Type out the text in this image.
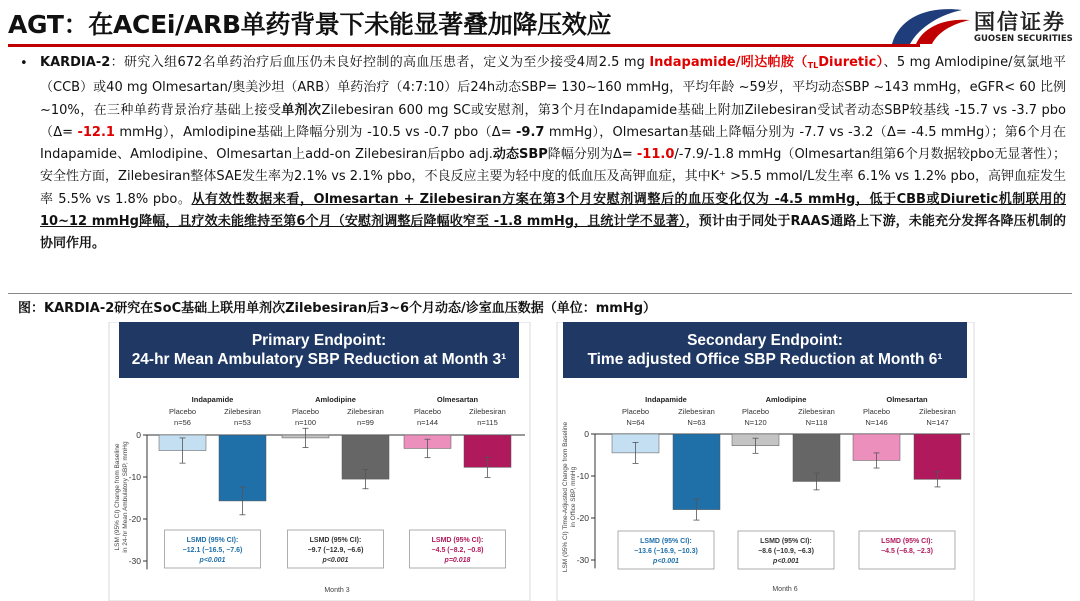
AGT：在ACEi/ARB单药背景下未能显著叠加降压效应	国信证券
GUOSEN SECURITIES
• KARDIA-2：研究入组672名单药治疗后血压仍未良好控制的高血压患者，定义为至少接受4周2.5 mg Indapamide/吲达帕胺$(_{TL}Diuretic)$、5 mg Amlodipine/氨氯地平（CCB）或40 mg Olmesartan/奥美沙坦（ARB）单药治疗（4:7:10）后24h动态SBP= 130~160 mmHg，平均年龄 ~59岁，平均动态SBP ~143 mmHg，eGFR< 60 比例 ~10%，在三种单药背景治疗基础上接受单剂次Zilebesiran 600 mg SC或安慰剂，第3个月在Indapamide基础上附加Zilebesiran受试者动态SBP较基线 -15.7 vs -3.7 pbo（Δ= -12.1 mmHg），Amlodipine基础上降幅分别为 -10.5 vs -0.7 pbo（Δ= -9.7 mmHg），Olmesartan基础上降幅分别为 -7.7 vs -3.2（Δ= -4.5 mmHg）；第6个月在Indapamide、Amlodipine、Olmesartan上add-on Zilebesiran后pbo adj.动态SBP降幅分别为Δ= -11.0/-7.9/-1.8 mmHg（Olmesartan组第6个月数据较pbo无显著性）；安全性方面，Zilebesiran整体SAE发生率为2.1% vs 2.1% pbo，不良反应主要为轻中度的低血压及高钾血症，其中K⁺ >5.5 mmol/L发生率 6.1% vs 1.2% pbo，高钾血症发生率 5.5% vs 1.8% pbo。从有效性数据来看，Olmesartan + Zilebesiran方案在第3个月安慰剂调整后的血压变化仅为 -4.5 mmHg，低于CBB或Diuretic机制联用的 10~12 mmHg降幅，且疗效未能维持至第6个月（安慰剂调整后降幅收窄至 -1.8 mmHg，且统计学不显著），预计由于同处于RAAS通路上下游，未能充分发挥各降压机制的协同作用。
图：KARDIA-2研究在SoC基础上联用单剂次Zilebesiran后3~6个月动态/诊室血压数据（单位：mmHg）
0
-10
-20
-30
LSM (95% CI) Change from Baseline in 24-hr Mean Ambulatory SBP, mmHg
Month 3
Indapamide
Placebo
n=56
Zilebesiran
n=53
LSMD (95% CI):
−12.1 (−16.5, −7.6)
p<0.001
Amlodipine
Placebo
n=100
Zilebesiran
n=99
LSMD (95% CI):
−9.7 (−12.9, −6.6)
p<0.001
Olmesartan
Placebo
n=144
Zilebesiran
n=115
LSMD (95% CI):
−4.5 (−8.2, −0.8)
p=0.018
Primary Endpoint:
24-hr Mean Ambulatory SBP Reduction at Month 3¹
0
-10
-20
-30
LSM (95% CI) Time-Adjusted Change from Baseline in Office SBP, mmHg
Month 6
Indapamide
Placebo
N=64
Zilebesiran
N=63
LSMD (95% CI):
−13.6 (−16.9, −10.3)
p<0.001
Amlodipine
Placebo
N=120
Zilebesiran
N=118
LSMD (95% CI):
−8.6 (−10.9, −6.3)
p<0.001
Olmesartan
Placebo
N=146
Zilebesiran
N=147
LSMD (95% CI):
−4.5 (−6.8, −2.3)
Secondary Endpoint:
Time adjusted Office SBP Reduction at Month 6¹
